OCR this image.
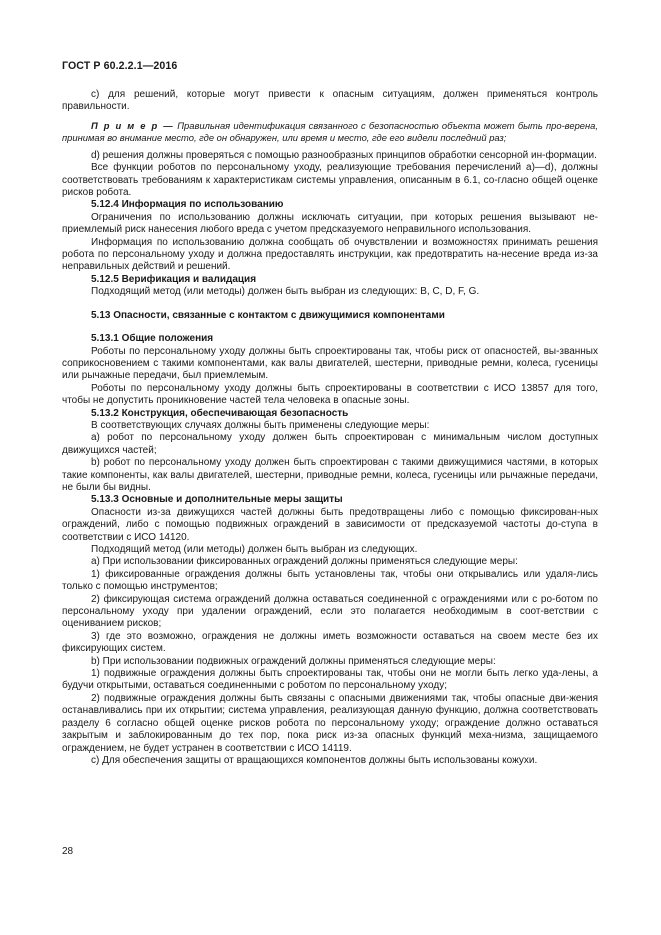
ГОСТ Р 60.2.2.1—2016

с) для решений, которые могут привести к опасным ситуациям, должен применяться контроль правильности.

П р и м е р — Правильная идентификация связанного с безопасностью объекта может быть про-верена, принимая во внимание место, где он обнаружен, или время и место, где его видели последний раз;

d) решения должны проверяться с помощью разнообразных принципов обработки сенсорной ин-формации.

Все функции роботов по персональному уходу, реализующие требования перечислений а)—d), должны соответствовать требованиям к характеристикам системы управления, описанным в 6.1, со-гласно общей оценке рисков робота.

5.12.4 Информация по использованию

Ограничения по использованию должны исключать ситуации, при которых решения вызывают не-приемлемый риск нанесения любого вреда с учетом предсказуемого неправильного использования.

Информация по использованию должна сообщать об очувствлении и возможностях принимать решения робота по персональному уходу и должна предоставлять инструкции, как предотвратить на-несение вреда из-за неправильных действий и решений.

5.12.5 Верификация и валидация

Подходящий метод (или методы) должен быть выбран из следующих: В, С, D, F, G.

5.13 Опасности, связанные с контактом с движущимися компонентами

5.13.1 Общие положения

Роботы по персональному уходу должны быть спроектированы так, чтобы риск от опасностей, вы-званных соприкосновением с такими компонентами, как валы двигателей, шестерни, приводные ремни, колеса, гусеницы или рычажные передачи, был приемлемым.

Роботы по персональному уходу должны быть спроектированы в соответствии с ИСО 13857 для того, чтобы не допустить проникновение частей тела человека в опасные зоны.

5.13.2 Конструкция, обеспечивающая безопасность

В соответствующих случаях должны быть применены следующие меры:

а) робот по персональному уходу должен быть спроектирован с минимальным числом доступных движущихся частей;

b) робот по персональному уходу должен быть спроектирован с такими движущимися частями, в которых такие компоненты, как валы двигателей, шестерни, приводные ремни, колеса, гусеницы или рычажные передачи, не были бы видны.

5.13.3 Основные и дополнительные меры защиты

Опасности из-за движущихся частей должны быть предотвращены либо с помощью фиксирован-ных ограждений, либо с помощью подвижных ограждений в зависимости от предсказуемой частоты до-ступа в соответствии с ИСО 14120.

Подходящий метод (или методы) должен быть выбран из следующих.

а) При использовании фиксированных ограждений должны применяться следующие меры:

1) фиксированные ограждения должны быть установлены так, чтобы они открывались или удаля-лись только с помощью инструментов;

2) фиксирующая система ограждений должна оставаться соединенной с ограждениями или с ро-ботом по персональному уходу при удалении ограждений, если это полагается необходимым в соот-ветствии с оцениванием рисков;

3) где это возможно, ограждения не должны иметь возможности оставаться на своем месте без их фиксирующих систем.

b) При использовании подвижных ограждений должны применяться следующие меры:

1) подвижные ограждения должны быть спроектированы так, чтобы они не могли быть легко уда-лены, а будучи открытыми, оставаться соединенными с роботом по персональному уходу;

2) подвижные ограждения должны быть связаны с опасными движениями так, чтобы опасные дви-жения останавливались при их открытии; система управления, реализующая данную функцию, должна соответствовать разделу 6 согласно общей оценке рисков робота по персональному уходу; ограждение должно оставаться закрытым и заблокированным до тех пор, пока риск из-за опасных функций меха-низма, защищаемого ограждением, не будет устранен в соответствии с ИСО 14119.

с) Для обеспечения защиты от вращающихся компонентов должны быть использованы кожухи.

28
